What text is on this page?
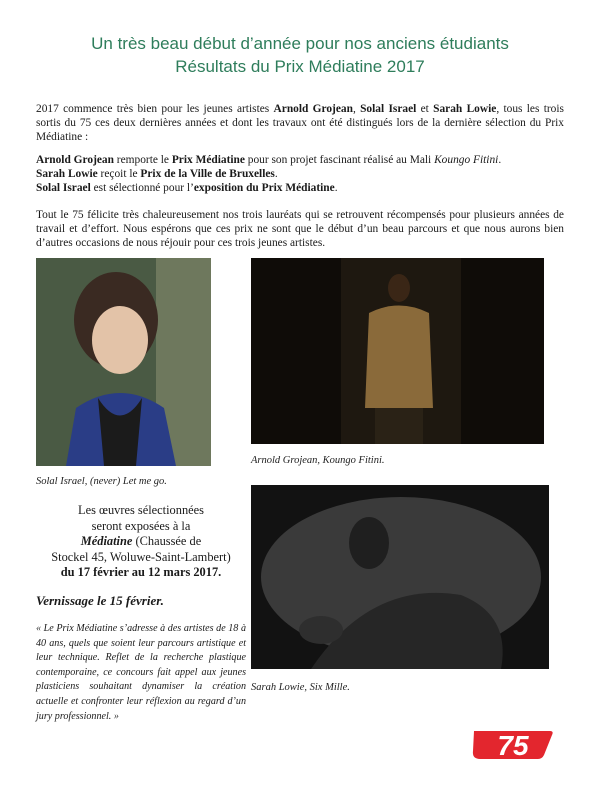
Un très beau début d’année pour nos anciens étudiants
Résultats du Prix Médiatine 2017

2017 commence très bien pour les jeunes artistes Arnold Grojean, Solal Israel et Sarah Lowie, tous les trois sortis du 75 ces deux dernières années et dont les travaux ont été distingués lors de la dernière sélection du Prix Médiatine :

Arnold Grojean remporte le Prix Médiatine pour son projet fascinant réalisé au Mali Koungo Fitini.
Sarah Lowie reçoit le Prix de la Ville de Bruxelles.
Solal Israel est sélectionné pour l’exposition du Prix Médiatine.

Tout le 75 félicite très chaleureusement nos trois lauréats qui se retrouvent récompensés pour plusieurs années de travail et d’effort. Nous espérons que ces prix ne sont que le début d’un beau parcours et que nous aurons bien d’autres occasions de nous réjouir pour ces trois jeunes artistes.

Solal Israel, (never) Let me go.

Arnold Grojean, Koungo Fitini.

Sarah Lowie, Six Mille.

Les œuvres sélectionnées
seront exposées à la
Médiatine (Chaussée de
Stockel 45, Woluwe-Saint-Lambert)
du 17 février au 12 mars 2017.
Vernissage le 15 février.

« Le Prix Médiatine s’adresse à des artistes de 18 à 40 ans, quels que soient leur parcours artistique et leur technique. Reflet de la recherche plastique contemporaine, ce concours fait appel aux jeunes plasticiens souhaitant dynamiser la création actuelle et confronter leur réflexion au regard d’un jury professionnel. »

75
